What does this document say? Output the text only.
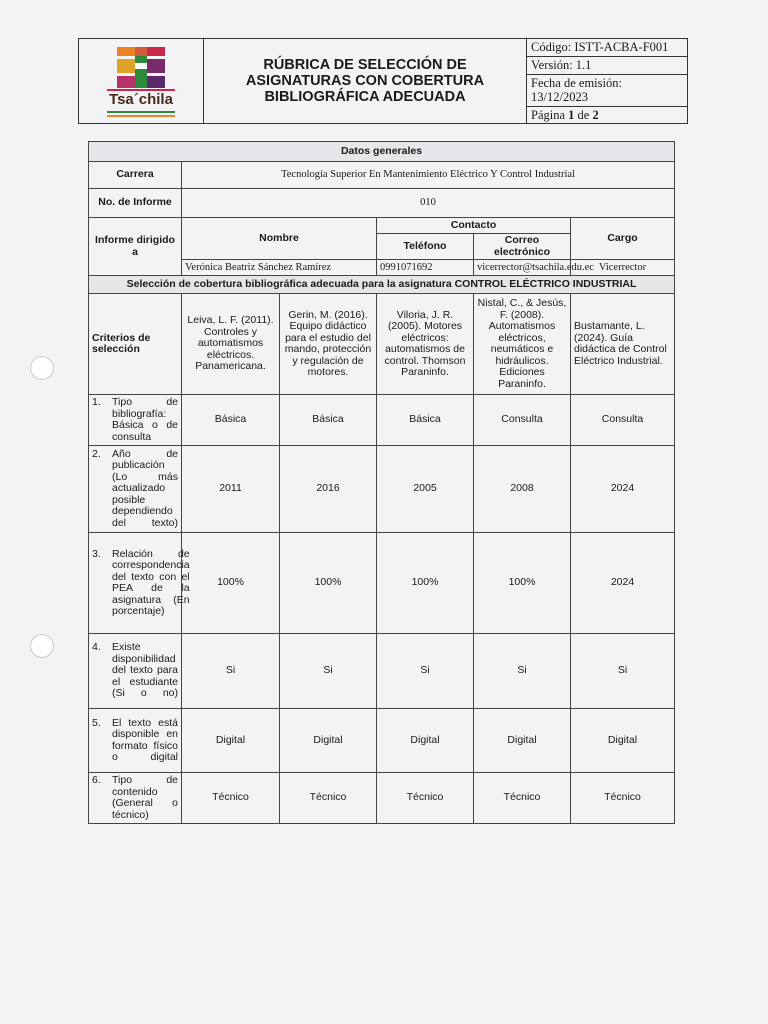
Tsa´chila
RÚBRICA DE SELECCIÓN DE
ASIGNATURAS CON COBERTURA
BIBLIOGRÁFICA ADECUADA
Código: ISTT-ACBA-F001
Versión: 1.1
Fecha de emisión:
13/12/2023
Página 1 de 2
Datos generales					
Carrera	Tecnología Superior En Mantenimiento Eléctrico Y Control Industrial				
No. de Informe	010				
Informe dirigido a	Nombre		Contacto		Cargo
			Teléfono	Correo electrónico	
	Verónica Beatriz Sánchez Ramírez		0991071692	vicerrector@tsachila.edu.ec	Vicerrector
Selección de cobertura bibliográfica adecuada para la asignatura CONTROL ELÉCTRICO INDUSTRIAL					
Criterios de selección	Leiva, L. F. (2011). Controles y automatismos eléctricos. Panamericana.	Gerin, M. (2016). Equipo didáctico para el estudio del mando, protección y regulación de motores.	Viloria, J. R. (2005). Motores eléctricos: automatismos de control. Thomson Paraninfo.	Nistal, C., & Jesús, F. (2008). Automatismos eléctricos, neumáticos e hidráulicos. Ediciones Paraninfo.	Bustamante, L. (2024). Guía didáctica de Control Eléctrico Industrial.

1. Tipo de bibliografía: Básica o de consulta	Básica	Básica	Básica	Consulta	Consulta

2. Año de publicación (Lo más actualizado posible dependiendo del texto)	2011	2016	2005	2008	2024

3. Relación de correspondencia del texto con el PEA de la asignatura (En porcentaje)	100%	100%	100%	100%	2024

4. Existe disponibilidad del texto para el estudiante (Si o no)	Si	Si	Si	Si	Si

5. El texto está disponible en formato físico o digital	Digital	Digital	Digital	Digital	Digital

6. Tipo de contenido (General o técnico)	Técnico	Técnico	Técnico	Técnico	Técnico
